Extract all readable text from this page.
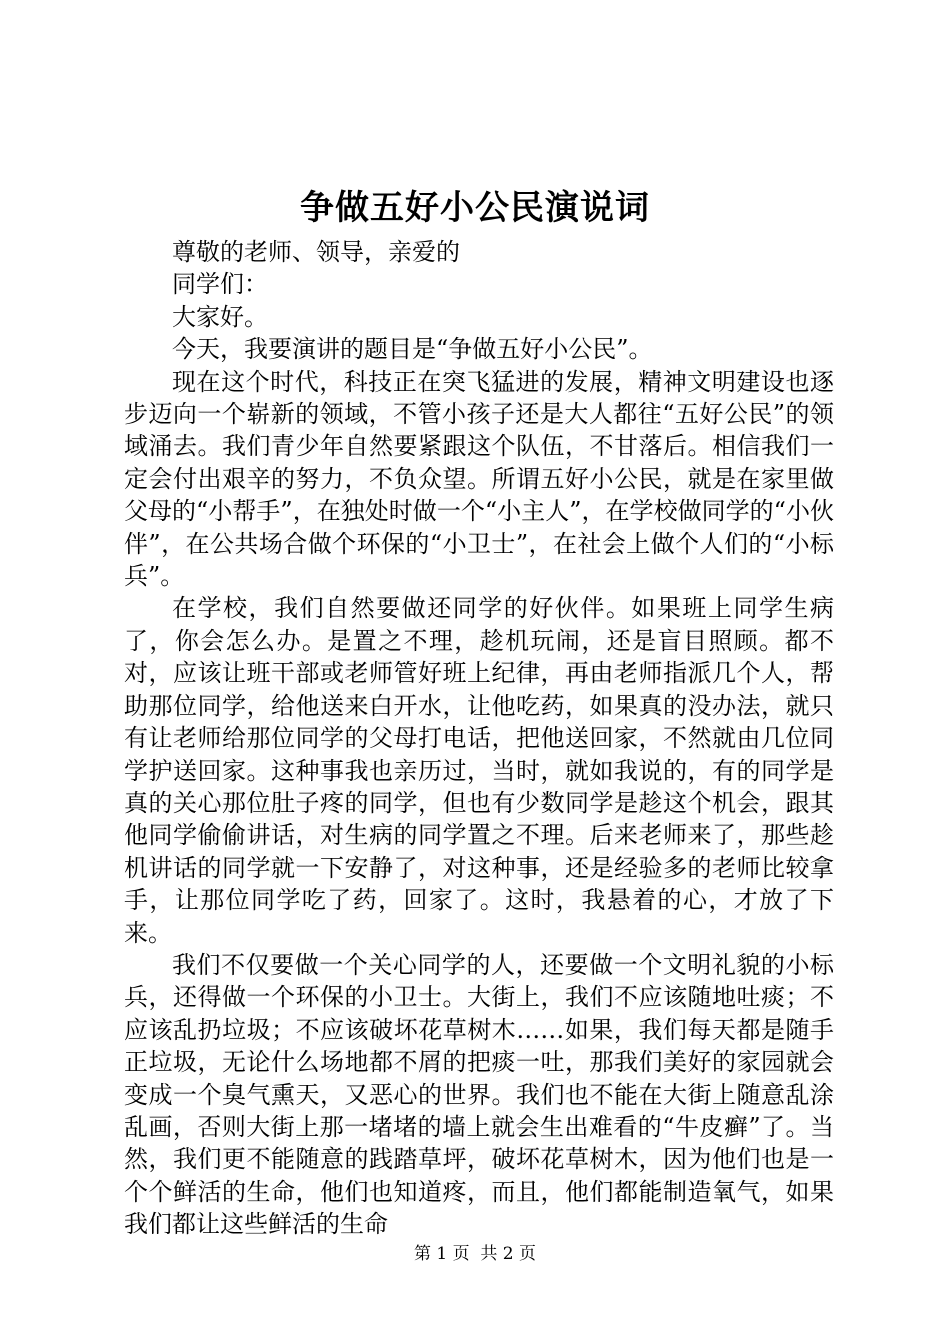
争做五好小公民演说词

尊敬的老师、领导，亲爱的

同学们：

大家好。

今天，我要演讲的题目是“争做五好小公民”。

现在这个时代，科技正在突飞猛进的发展，精神文明建设也逐步迈向一个崭新的领域，不管小孩子还是大人都往“五好公民”的领域涌去。我们青少年自然要紧跟这个队伍，不甘落后。相信我们一定会付出艰辛的努力，不负众望。所谓五好小公民，就是在家里做父母的“小帮手”，在独处时做一个“小主人”，在学校做同学的“小伙伴”，在公共场合做个环保的“小卫士”，在社会上做个人们的“小标兵”。

在学校，我们自然要做还同学的好伙伴。如果班上同学生病了，你会怎么办。是置之不理，趁机玩闹，还是盲目照顾。都不对，应该让班干部或老师管好班上纪律，再由老师指派几个人，帮助那位同学，给他送来白开水，让他吃药，如果真的没办法，就只有让老师给那位同学的父母打电话，把他送回家，不然就由几位同学护送回家。这种事我也亲历过，当时，就如我说的，有的同学是真的关心那位肚子疼的同学，但也有少数同学是趁这个机会，跟其他同学偷偷讲话，对生病的同学置之不理。后来老师来了，那些趁机讲话的同学就一下安静了，对这种事，还是经验多的老师比较拿手，让那位同学吃了药，回家了。这时，我悬着的心，才放了下来。

我们不仅要做一个关心同学的人，还要做一个文明礼貌的小标兵，还得做一个环保的小卫士。大街上，我们不应该随地吐痰；不应该乱扔垃圾；不应该破坏花草树木……如果，我们每天都是随手正垃圾，无论什么场地都不屑的把痰一吐，那我们美好的家园就会变成一个臭气熏天，又恶心的世界。我们也不能在大街上随意乱涂乱画，否则大街上那一堵堵的墙上就会生出难看的“牛皮癣”了。当然，我们更不能随意的践踏草坪，破坏花草树木，因为他们也是一个个鲜活的生命，他们也知道疼，而且，他们都能制造氧气，如果我们都让这些鲜活的生命

第 1 页  共 2 页
